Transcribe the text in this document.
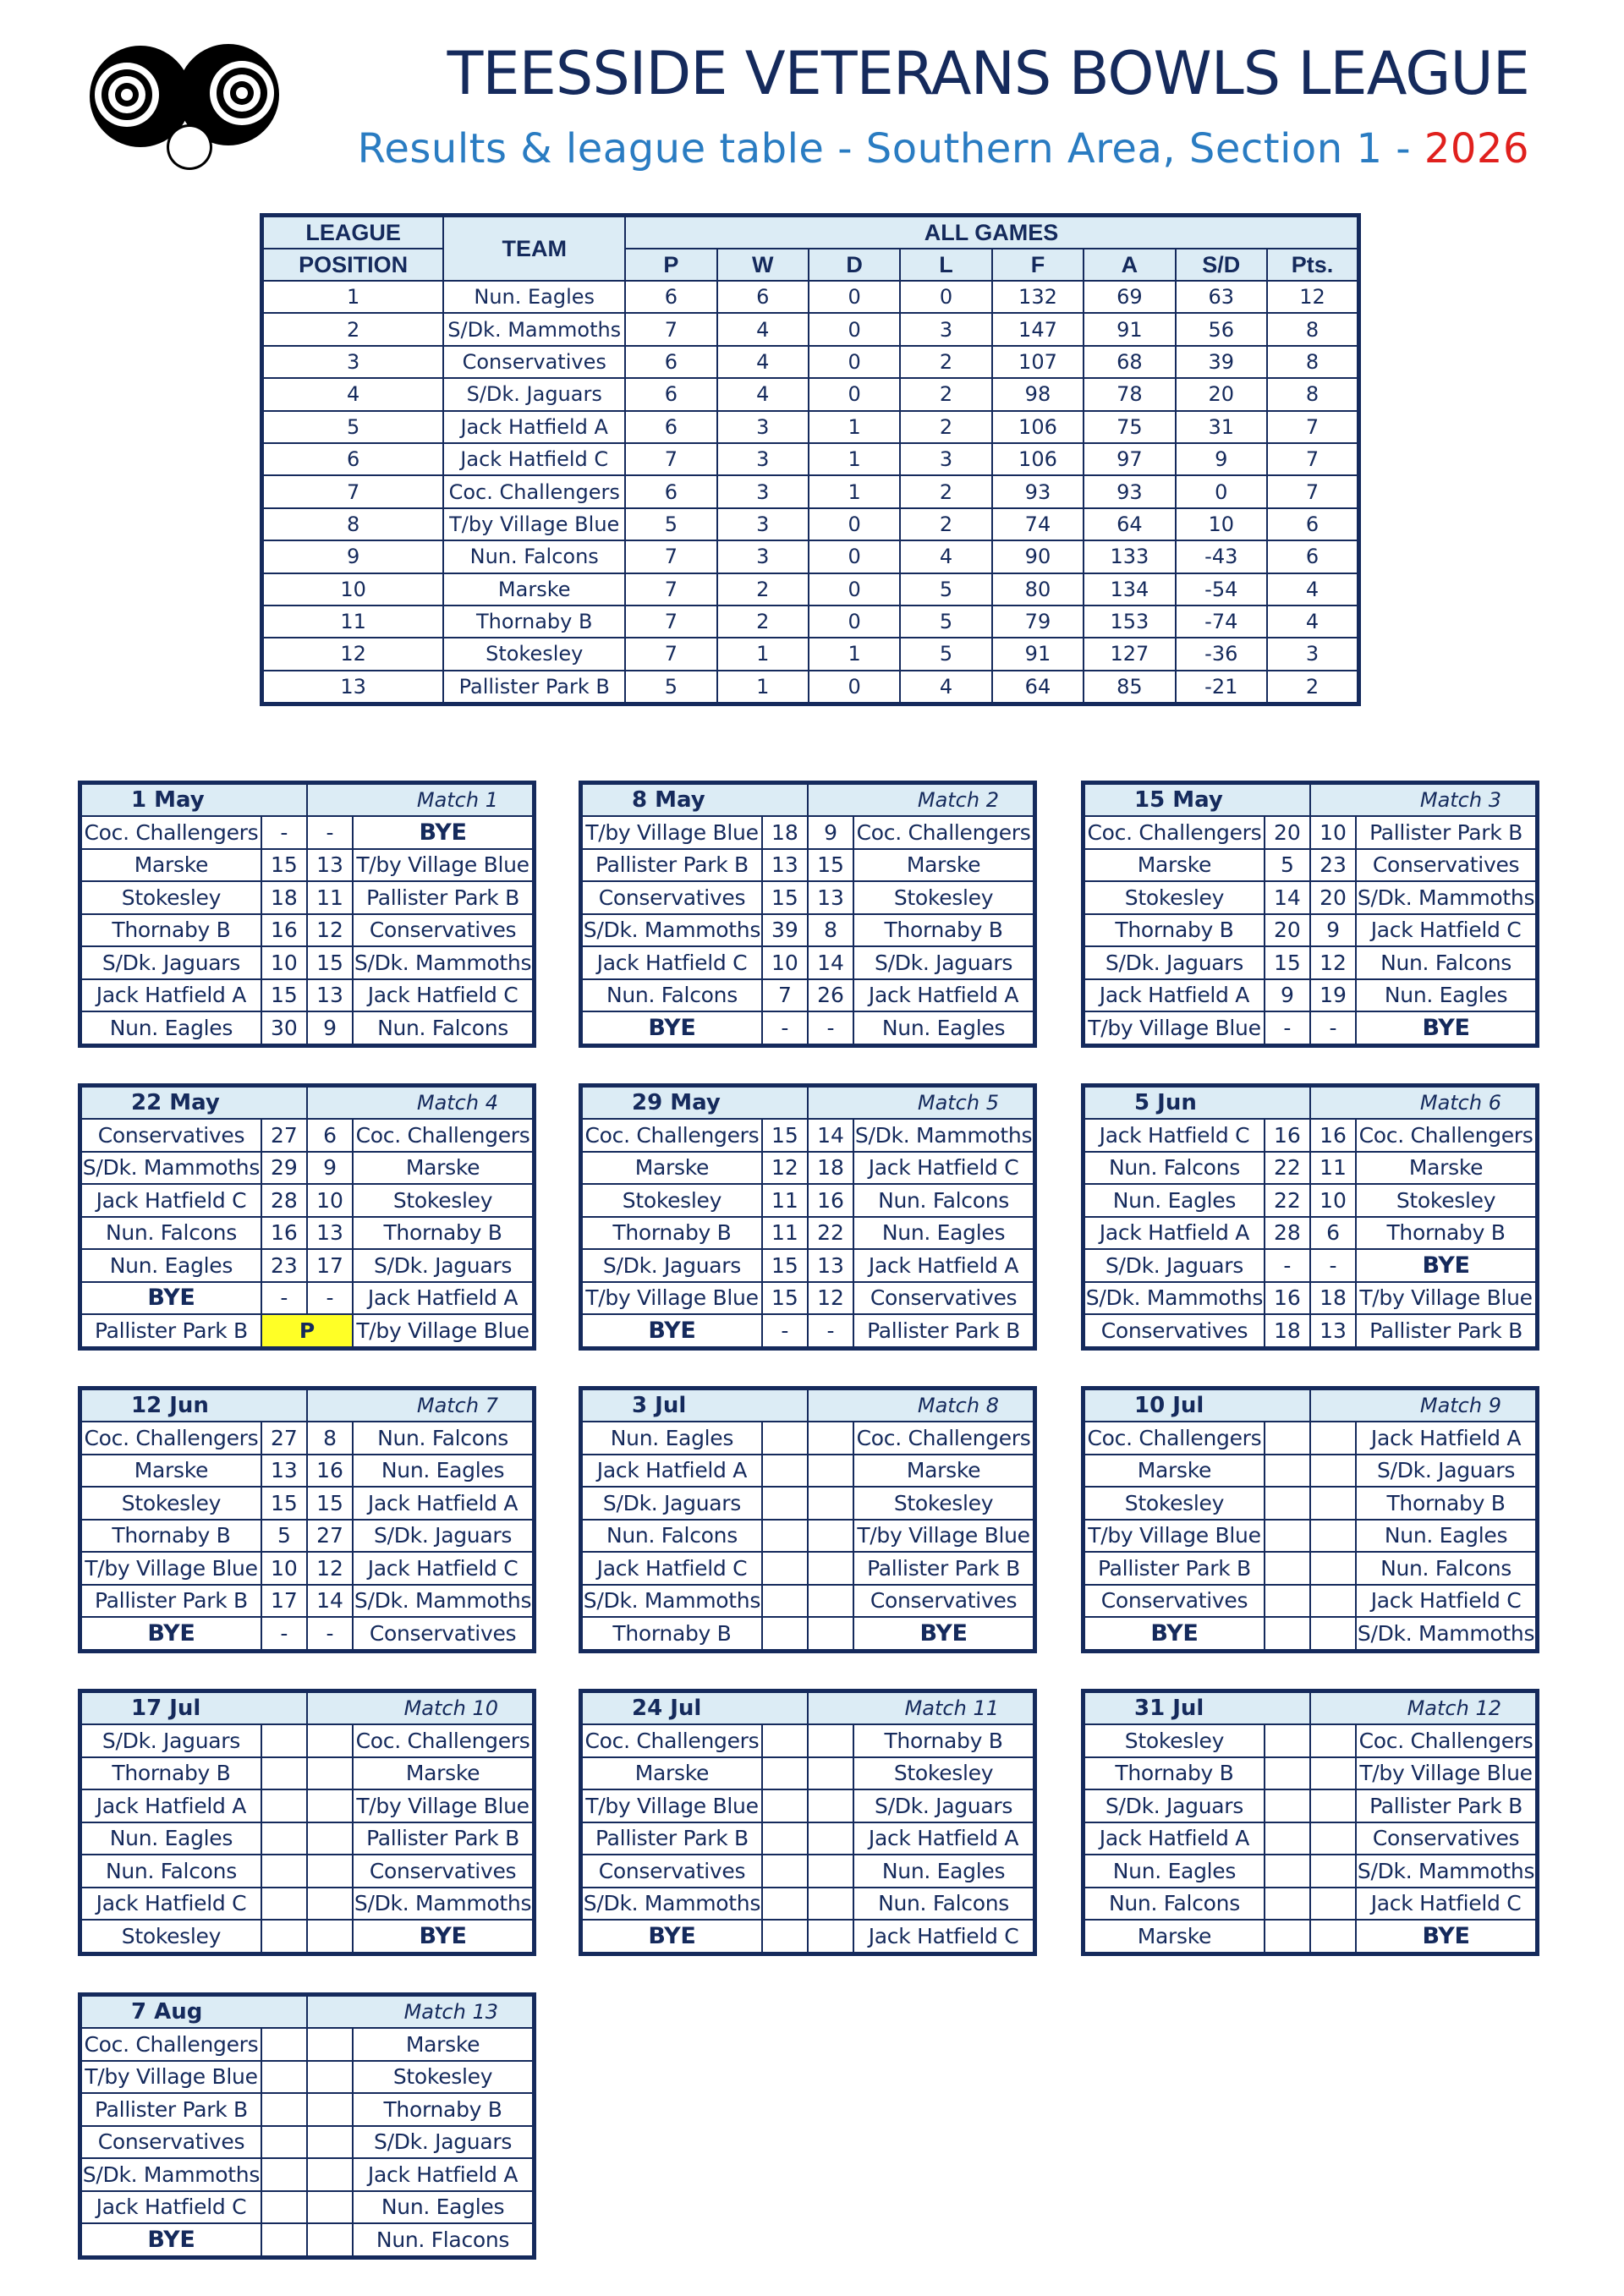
TEESSIDE VETERANS BOWLS LEAGUE
Results & league table - Southern Area, Section 1 - 2026
LEAGUE	TEAM	ALL GAMES							
POSITION		P	W	D	L	F	A	S/D	Pts.
1	Nun. Eagles	6	6	0	0	132	69	63	12
2	S/Dk. Mammoths	7	4	0	3	147	91	56	8
3	Conservatives	6	4	0	2	107	68	39	8
4	S/Dk. Jaguars	6	4	0	2	98	78	20	8
5	Jack Hatfield A	6	3	1	2	106	75	31	7
6	Jack Hatfield C	7	3	1	3	106	97	9	7
7	Coc. Challengers	6	3	1	2	93	93	0	7
8	T/by Village Blue	5	3	0	2	74	64	10	6
9	Nun. Falcons	7	3	0	4	90	133	-43	6
10	Marske	7	2	0	5	80	134	-54	4
11	Thornaby B	7	2	0	5	79	153	-74	4
12	Stokesley	7	1	1	5	91	127	-36	3
13	Pallister Park B	5	1	0	4	64	85	-21	2
1 May		Match 1	
Coc. Challengers	-	-	BYE
Marske	15	13	T/by Village Blue
Stokesley	18	11	Pallister Park B
Thornaby B	16	12	Conservatives
S/Dk. Jaguars	10	15	S/Dk. Mammoths
Jack Hatfield A	15	13	Jack Hatfield C
Nun. Eagles	30	9	Nun. Falcons
8 May		Match 2	
T/by Village Blue	18	9	Coc. Challengers
Pallister Park B	13	15	Marske
Conservatives	15	13	Stokesley
S/Dk. Mammoths	39	8	Thornaby B
Jack Hatfield C	10	14	S/Dk. Jaguars
Nun. Falcons	7	26	Jack Hatfield A
BYE	-	-	Nun. Eagles
15 May		Match 3	
Coc. Challengers	20	10	Pallister Park B
Marske	5	23	Conservatives
Stokesley	14	20	S/Dk. Mammoths
Thornaby B	20	9	Jack Hatfield C
S/Dk. Jaguars	15	12	Nun. Falcons
Jack Hatfield A	9	19	Nun. Eagles
T/by Village Blue	-	-	BYE
22 May		Match 4	
Conservatives	27	6	Coc. Challengers
S/Dk. Mammoths	29	9	Marske
Jack Hatfield C	28	10	Stokesley
Nun. Falcons	16	13	Thornaby B
Nun. Eagles	23	17	S/Dk. Jaguars
BYE	-	-	Jack Hatfield A
Pallister Park B	P		T/by Village Blue
29 May		Match 5	
Coc. Challengers	15	14	S/Dk. Mammoths
Marske	12	18	Jack Hatfield C
Stokesley	11	16	Nun. Falcons
Thornaby B	11	22	Nun. Eagles
S/Dk. Jaguars	15	13	Jack Hatfield A
T/by Village Blue	15	12	Conservatives
BYE	-	-	Pallister Park B
5 Jun		Match 6	
Jack Hatfield C	16	16	Coc. Challengers
Nun. Falcons	22	11	Marske
Nun. Eagles	22	10	Stokesley
Jack Hatfield A	28	6	Thornaby B
S/Dk. Jaguars	-	-	BYE
S/Dk. Mammoths	16	18	T/by Village Blue
Conservatives	18	13	Pallister Park B
12 Jun		Match 7	
Coc. Challengers	27	8	Nun. Falcons
Marske	13	16	Nun. Eagles
Stokesley	15	15	Jack Hatfield A
Thornaby B	5	27	S/Dk. Jaguars
T/by Village Blue	10	12	Jack Hatfield C
Pallister Park B	17	14	S/Dk. Mammoths
BYE	-	-	Conservatives
3 Jul		Match 8	
Nun. Eagles			Coc. Challengers
Jack Hatfield A			Marske
S/Dk. Jaguars			Stokesley
Nun. Falcons			T/by Village Blue
Jack Hatfield C			Pallister Park B
S/Dk. Mammoths			Conservatives
Thornaby B			BYE
10 Jul		Match 9	
Coc. Challengers			Jack Hatfield A
Marske			S/Dk. Jaguars
Stokesley			Thornaby B
T/by Village Blue			Nun. Eagles
Pallister Park B			Nun. Falcons
Conservatives			Jack Hatfield C
BYE			S/Dk. Mammoths
17 Jul		Match 10	
S/Dk. Jaguars			Coc. Challengers
Thornaby B			Marske
Jack Hatfield A			T/by Village Blue
Nun. Eagles			Pallister Park B
Nun. Falcons			Conservatives
Jack Hatfield C			S/Dk. Mammoths
Stokesley			BYE
24 Jul		Match 11	
Coc. Challengers			Thornaby B
Marske			Stokesley
T/by Village Blue			S/Dk. Jaguars
Pallister Park B			Jack Hatfield A
Conservatives			Nun. Eagles
S/Dk. Mammoths			Nun. Falcons
BYE			Jack Hatfield C
31 Jul		Match 12	
Stokesley			Coc. Challengers
Thornaby B			T/by Village Blue
S/Dk. Jaguars			Pallister Park B
Jack Hatfield A			Conservatives
Nun. Eagles			S/Dk. Mammoths
Nun. Falcons			Jack Hatfield C
Marske			BYE
7 Aug		Match 13	
Coc. Challengers			Marske
T/by Village Blue			Stokesley
Pallister Park B			Thornaby B
Conservatives			S/Dk. Jaguars
S/Dk. Mammoths			Jack Hatfield A
Jack Hatfield C			Nun. Eagles
BYE			Nun. Flacons
